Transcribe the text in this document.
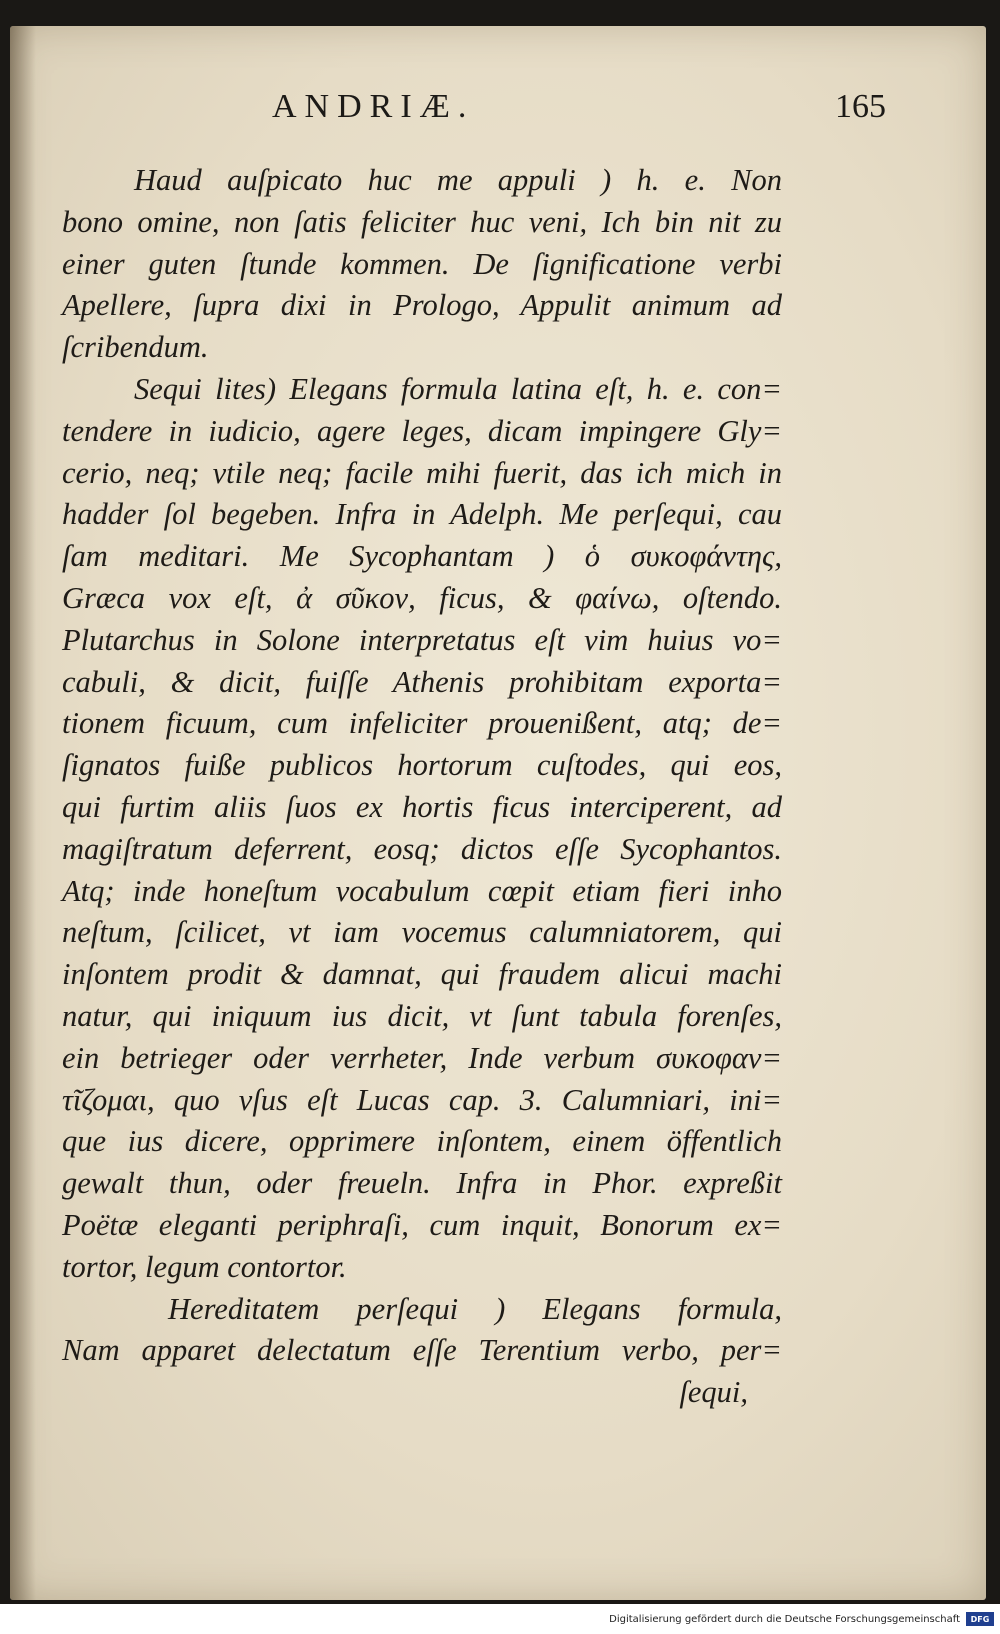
ANDRIÆ.	165
Haud auſpicato huc me appuli ) h. e. Non
bono omine, non ſatis feliciter huc veni, Ich bin nit zu
einer guten ſtunde kommen. De ſignificatione verbi
Apellere, ſupra dixi in Prologo, Appulit animum ad
ſcribendum.
Sequi lites) Elegans formula latina eſt, h. e. con=
tendere in iudicio, agere leges, dicam impingere Gly=
cerio, neq; vtile neq; facile mihi fuerit, das ich mich in
hadder ſol begeben. Infra in Adelph. Me perſequi, cau
ſam meditari. Me Sycophantam ) ὁ συκοφάντης,
Græca vox eſt, ἀ σῦκον, ficus, & φαίνω, oſtendo.
Plutarchus in Solone interpretatus eſt vim huius vo=
cabuli, & dicit, fuiſſe Athenis prohibitam exporta=
tionem ficuum, cum infeliciter prouenißent, atq; de=
ſignatos fuiße publicos hortorum cuſtodes, qui eos,
qui furtim aliis ſuos ex hortis ficus interciperent, ad
magiſtratum deferrent, eosq; dictos eſſe Sycophantos.
Atq; inde honeſtum vocabulum cœpit etiam fieri inho
neſtum, ſcilicet, vt iam vocemus calumniatorem, qui
inſontem prodit & damnat, qui fraudem alicui machi
natur, qui iniquum ius dicit, vt ſunt tabula forenſes,
ein betrieger oder verrheter, Inde verbum συκοφαν=
τῖζομαι, quo vſus eſt Lucas cap. 3. Calumniari, ini=
que ius dicere, opprimere inſontem, einem öffentlich
gewalt thun, oder freueln. Infra in Phor. expreßit
Poëtæ eleganti periphraſi, cum inquit, Bonorum ex=
tortor, legum contortor.
Hereditatem perſequi ) Elegans formula,
Nam apparet delectatum eſſe Terentium verbo, per=
ſequi,
Digitalisierung gefördert durch die Deutsche Forschungsgemeinschaft	DFG
